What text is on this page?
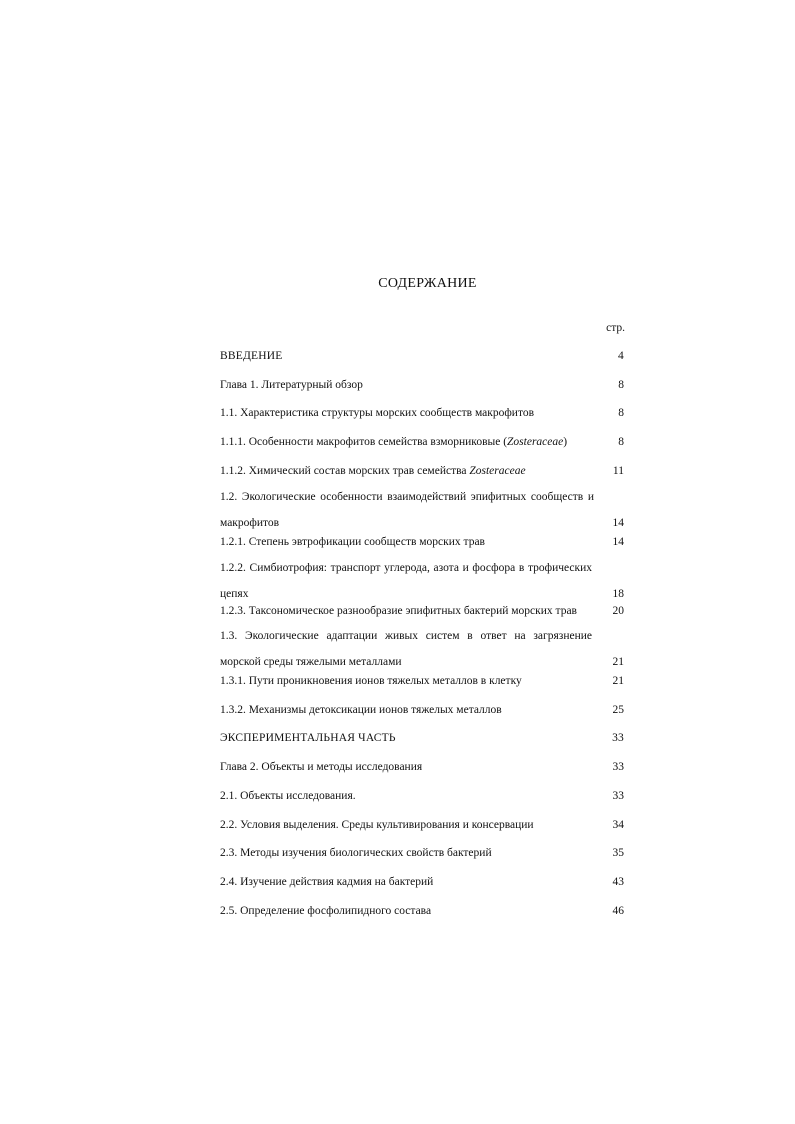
СОДЕРЖАНИЕ
стр.
ВВЕДЕНИЕ	4
Глава 1. Литературный обзор	8
1.1. Характеристика структуры морских сообществ макрофитов	8
1.1.1. Особенности макрофитов семейства взморниковые (Zosteraceae)	8
1.1.2. Химический состав морских трав семейства Zosteraceae	11
1.2. Экологические особенности взаимодействий эпифитных сообществ и
макрофитов	14
1.2.1. Степень эвтрофикации сообществ морских трав	14
1.2.2. Симбиотрофия: транспорт углерода, азота и фосфора в трофических
цепях	18
1.2.3. Таксономическое разнообразие эпифитных бактерий морских трав	20
1.3. Экологические адаптации живых систем в ответ на загрязнение
морской среды тяжелыми металлами	21
1.3.1. Пути проникновения ионов тяжелых металлов в клетку	21
1.3.2. Механизмы детоксикации ионов тяжелых металлов	25
ЭКСПЕРИМЕНТАЛЬНАЯ ЧАСТЬ	33
Глава 2. Объекты и методы исследования	33
2.1. Объекты исследования.	33
2.2. Условия выделения. Среды культивирования и консервации	34
2.3. Методы изучения биологических свойств бактерий	35
2.4. Изучение действия кадмия на бактерий	43
2.5. Определение фосфолипидного состава	46
